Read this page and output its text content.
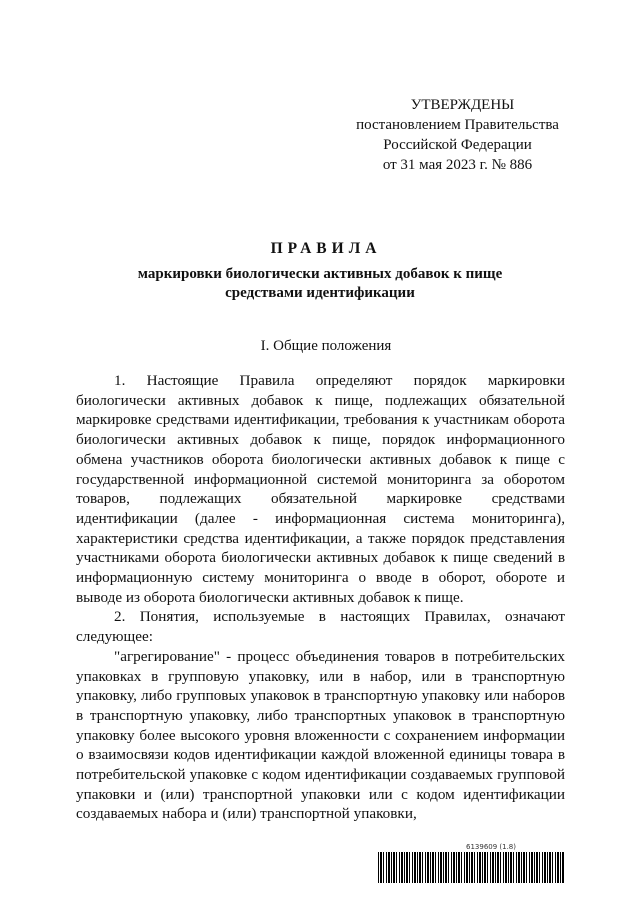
УТВЕРЖДЕНЫ
постановлением Правительства
Российской Федерации
от 31 мая 2023 г. № 886
ПРАВИЛА
маркировки биологически активных добавок к пище средствами идентификации
I. Общие положения

1. Настоящие Правила определяют порядок маркировки биологически активных добавок к пище, подлежащих обязательной маркировке средствами идентификации, требования к участникам оборота биологически активных добавок к пище, порядок информационного обмена участников оборота биологически активных добавок к пище с государственной информационной системой мониторинга за оборотом товаров, подлежащих обязательной маркировке средствами идентификации (далее - информационная система мониторинга), характеристики средства идентификации, а также порядок представления участниками оборота биологически активных добавок к пище сведений в информационную систему мониторинга о вводе в оборот, обороте и выводе из оборота биологически активных добавок к пище.

2. Понятия, используемые в настоящих Правилах, означают следующее:

"агрегирование" - процесс объединения товаров в потребительских упаковках в групповую упаковку, или в набор, или в транспортную упаковку, либо групповых упаковок в транспортную упаковку или наборов в транспортную упаковку, либо транспортных упаковок в транспортную упаковку более высокого уровня вложенности с сохранением информации о взаимосвязи кодов идентификации каждой вложенной единицы товара в потребительской упаковке с кодом идентификации создаваемых групповой упаковки и (или) транспортной упаковки или с кодом идентификации создаваемых набора и (или) транспортной упаковки,

6139609 (1.8)
